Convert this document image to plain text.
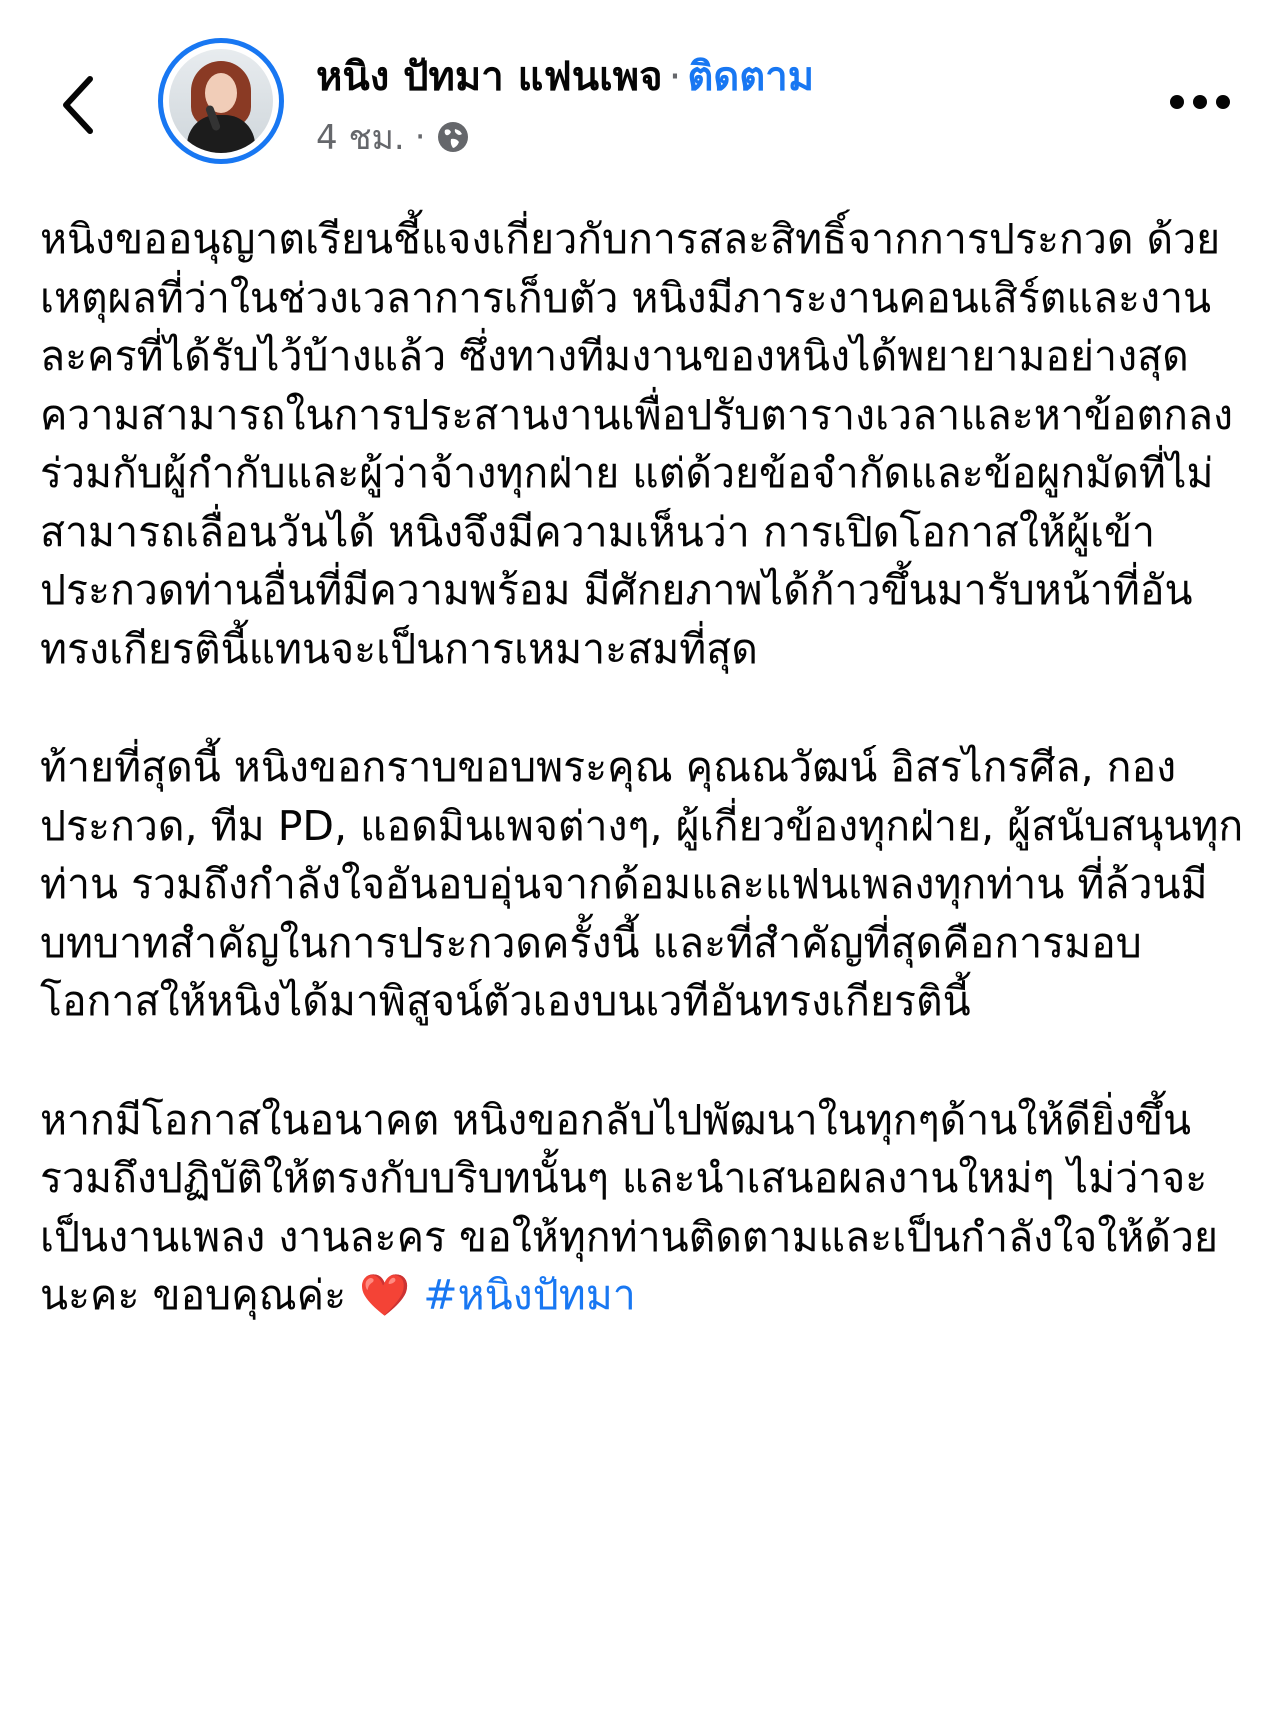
หนิง ปัทมา แฟนเพจ · ติดตาม
4 ชม. ·

หนิงขออนุญาตเรียนชี้แจงเกี่ยวกับการสละสิทธิ์จากการประกวด ด้วยเหตุผลที่ว่าในช่วงเวลาการเก็บตัว หนิงมีภาระงานคอนเสิร์ตและงานละครที่ได้รับไว้บ้างแล้ว ซึ่งทางทีมงานของหนิงได้พยายามอย่างสุดความสามารถในการประสานงานเพื่อปรับตารางเวลาและหาข้อตกลงร่วมกับผู้กำกับและผู้ว่าจ้างทุกฝ่าย แต่ด้วยข้อจำกัดและข้อผูกมัดที่ไม่สามารถเลื่อนวันได้ หนิงจึงมีความเห็นว่า การเปิดโอกาสให้ผู้เข้าประกวดท่านอื่นที่มีความพร้อม มีศักยภาพได้ก้าวขึ้นมารับหน้าที่อันทรงเกียรตินี้แทนจะเป็นการเหมาะสมที่สุด

ท้ายที่สุดนี้ หนิงขอกราบขอบพระคุณ คุณณวัฒน์ อิสรไกรศีล, กองประกวด, ทีม PD, แอดมินเพจต่างๆ, ผู้เกี่ยวข้องทุกฝ่าย, ผู้สนับสนุนทุกท่าน รวมถึงกำลังใจอันอบอุ่นจากด้อมและแฟนเพลงทุกท่าน ที่ล้วนมีบทบาทสำคัญในการประกวดครั้งนี้ และที่สำคัญที่สุดคือการมอบโอกาสให้หนิงได้มาพิสูจน์ตัวเองบนเวทีอันทรงเกียรตินี้

หากมีโอกาสในอนาคต หนิงขอกลับไปพัฒนาในทุกๆด้านให้ดียิ่งขึ้น รวมถึงปฏิบัติให้ตรงกับบริบทนั้นๆ และนำเสนอผลงานใหม่ๆ ไม่ว่าจะเป็นงานเพลง งานละคร ขอให้ทุกท่านติดตามและเป็นกำลังใจให้ด้วยนะคะ ขอบคุณค่ะ ❤️ #หนิงปัทมา
